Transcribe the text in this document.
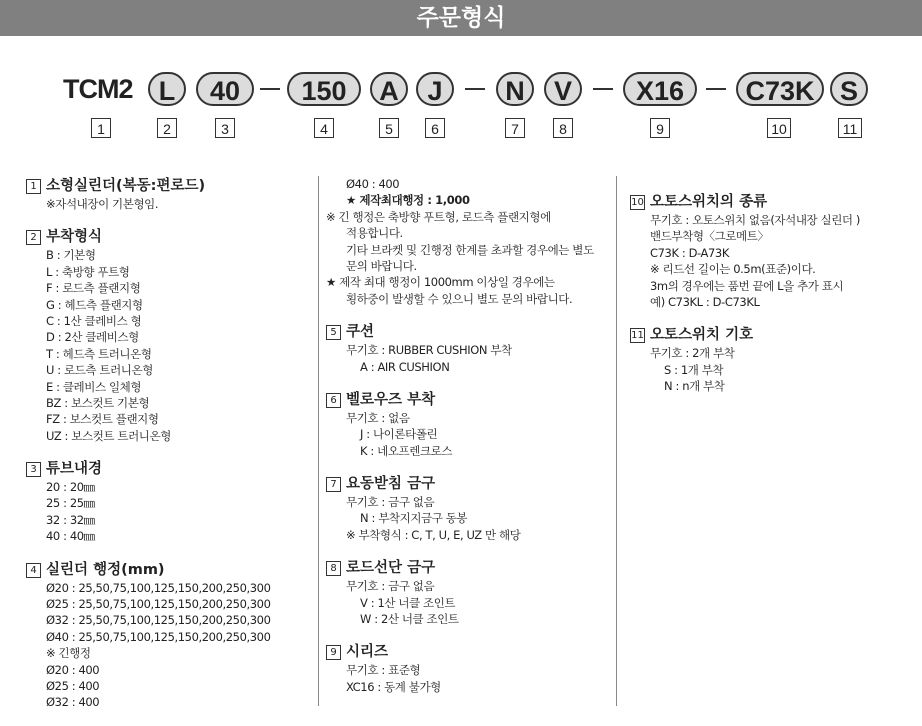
주문형식
TCM2 L	40	150	A	J	N	V	X16	C73K S
1	2	3	4	5	6	7	8	9	10	11
1 소형실린더(복동:편로드)
※자석내장이 기본형임.
2 부착형식
B : 기본형
L : 축방향 푸트형
F : 로드측 플랜지형
G : 헤드측 플랜지형
C : 1산 클레비스 형
D : 2산 클레비스형
T : 헤드측 트러니온형
U : 로드측 트러니온형
E : 클레비스 일체형
BZ : 보스컷트 기본형
FZ : 보스컷트 플랜지형
UZ : 보스컷트 트러니온형
3 튜브내경
20 : 20㎜
25 : 25㎜
32 : 32㎜
40 : 40㎜
4 실린더 행정(mm)
Ø20 : 25,50,75,100,125,150,200,250,300
Ø25 : 25,50,75,100,125,150,200,250,300
Ø32 : 25,50,75,100,125,150,200,250,300
Ø40 : 25,50,75,100,125,150,200,250,300
※ 긴행정
Ø20 : 400
Ø25 : 400
Ø32 : 400
Ø40 : 400
★ 제작최대행정 : 1,000
※ 긴 행정은 축방향 푸트형, 로드측 플랜지형에
적용합니다.
기타 브라켓 및 긴행정 한계를 초과할 경우에는 별도
문의 바랍니다.
★ 제작 최대 행정이 1000mm 이상일 경우에는
횡하중이 발생할 수 있으니 별도 문의 바랍니다.
5 쿠션
무기호 : RUBBER CUSHION 부착
A : AIR CUSHION
6 벨로우즈 부착
무기호 : 없음
J : 나이론타폴린
K : 네오프렌크로스
7 요동받침 금구
무기호 : 금구 없음
N : 부착지지금구 동봉
※ 부착형식 : C, T, U, E, UZ 만 해당
8 로드선단 금구
무기호 : 금구 없음
V : 1산 너클 조인트
W : 2산 너클 조인트
9 시리즈
무기호 : 표준형
XC16 : 동계 불가형
10 오토스위치의 종류
무기호 : 오토스위치 없음(자석내장 실린더 )
밴드부착형〈그로메트〉
C73K : D-A73K
※ 리드선 길이는 0.5m(표준)이다.
3m의 경우에는 품번 끝에 L을 추가 표시
예) C73KL : D-C73KL
11 오토스위치 기호
무기호 : 2개 부착
S : 1개 부착
N : n개 부착
